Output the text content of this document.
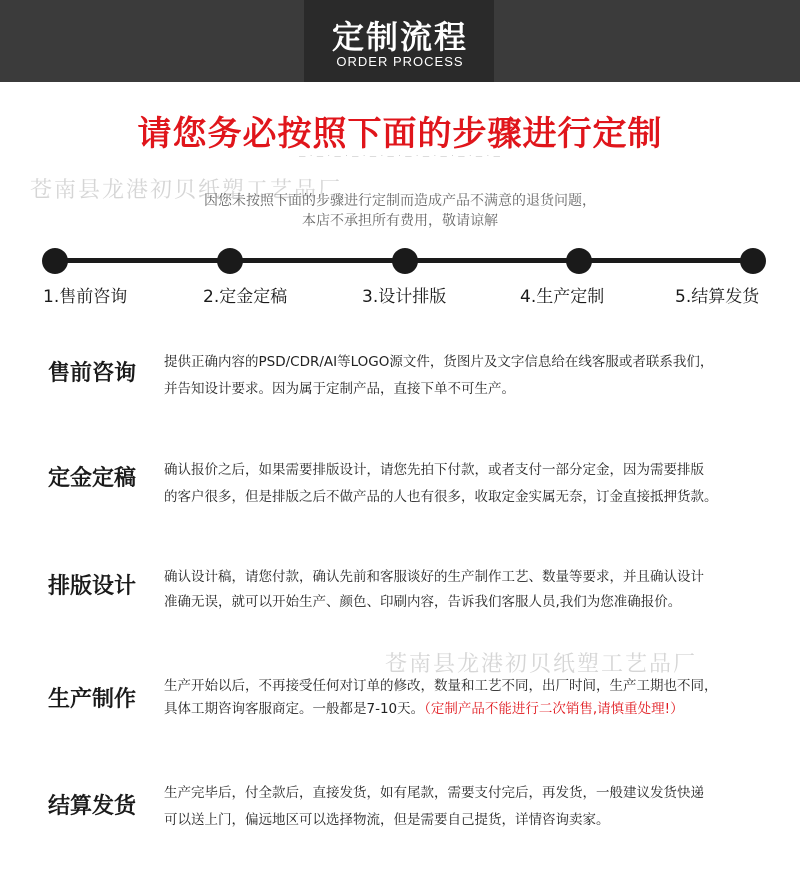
定制流程
ORDER PROCESS
请您务必按照下面的步骤进行定制
— · — · — · — · — · — · — · — · — · — · — · —
苍南县龙港初贝纸塑工艺品厂
因您未按照下面的步骤进行定制而造成产品不满意的退货问题，
本店不承担所有费用，敬请谅解
1.售前咨询	2.定金定稿	3.设计排版	4.生产定制	5.结算发货
售前咨询 提供正确内容的PSD/CDR/AI等LOGO源文件，货图片及文字信息给在线客服或者联系我们，
并告知设计要求。因为属于定制产品，直接下单不可生产。
定金定稿 确认报价之后，如果需要排版设计，请您先拍下付款，或者支付一部分定金，因为需要排版
的客户很多，但是排版之后不做产品的人也有很多，收取定金实属无奈，订金直接抵押货款。
排版设计 确认设计稿，请您付款，确认先前和客服谈好的生产制作工艺、数量等要求，并且确认设计
准确无误，就可以开始生产、颜色、印刷内容，告诉我们客服人员,我们为您准确报价。
苍南县龙港初贝纸塑工艺品厂
生产制作
生产开始以后，不再接受任何对订单的修改，数量和工艺不同，出厂时间，生产工期也不同，
具体工期咨询客服商定。一般都是7-10天。（定制产品不能进行二次销售,请慎重处理!）
结算发货
生产完毕后，付全款后，直接发货，如有尾款，需要支付完后，再发货，一般建议发货快递
可以送上门，偏远地区可以选择物流，但是需要自己提货，详情咨询卖家。
